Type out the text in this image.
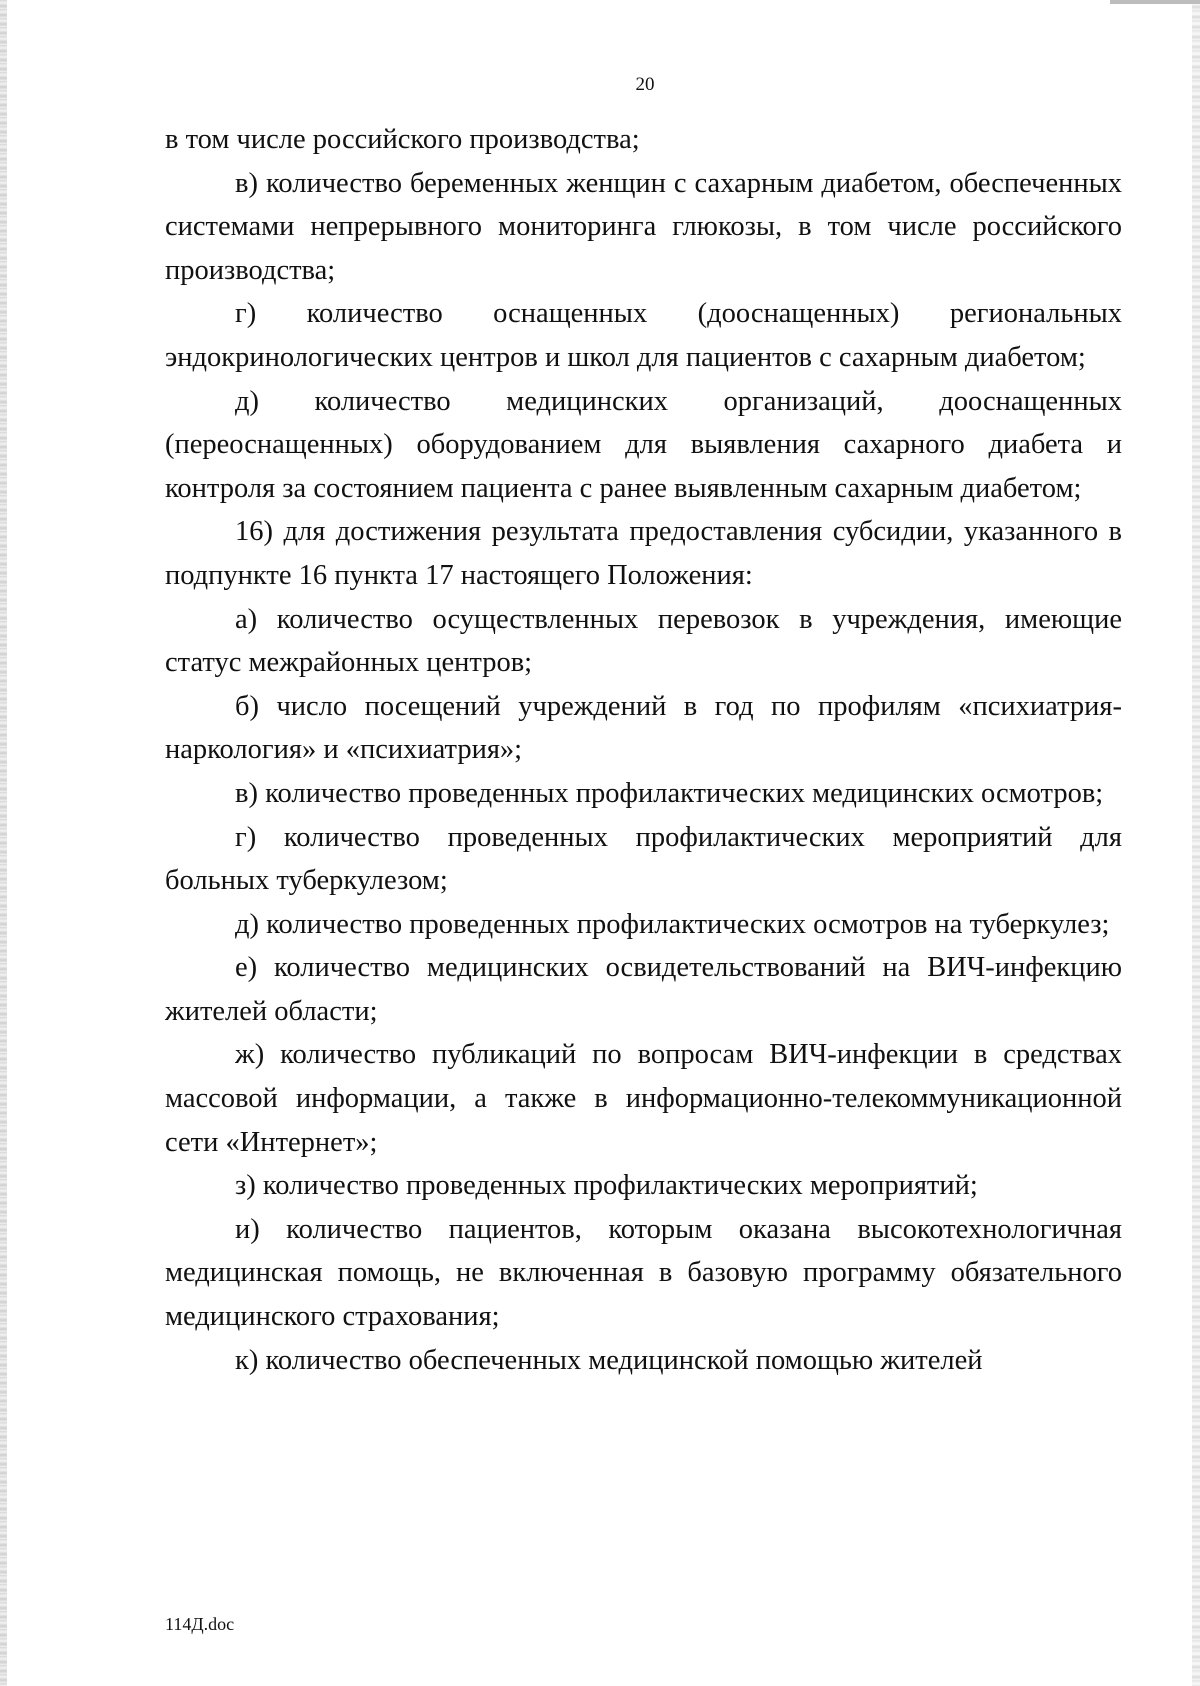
20

в том числе российского производства;

в) количество беременных женщин с сахарным диабетом, обеспеченных системами непрерывного мониторинга глюкозы, в том числе российского производства;

г) количество оснащенных (дооснащенных) региональных эндокринологических центров и школ для пациентов с сахарным диабетом;

д) количество медицинских организаций, дооснащенных (переоснащенных) оборудованием для выявления сахарного диабета и контроля за состоянием пациента с ранее выявленным сахарным диабетом;

16) для достижения результата предоставления субсидии, указанного в подпункте 16 пункта 17 настоящего Положения:

а) количество осуществленных перевозок в учреждения, имеющие статус межрайонных центров;

б) число посещений учреждений в год по профилям «психиатрия-наркология» и «психиатрия»;

в) количество проведенных профилактических медицинских осмотров;

г) количество проведенных профилактических мероприятий для больных туберкулезом;

д) количество проведенных профилактических осмотров на туберкулез;

е) количество медицинских освидетельствований на ВИЧ-инфекцию жителей области;

ж) количество публикаций по вопросам ВИЧ-инфекции в средствах массовой информации, а также в информационно-телекоммуникационной сети «Интернет»;

з) количество проведенных профилактических мероприятий;

и) количество пациентов, которым оказана высокотехнологичная медицинская помощь, не включенная в базовую программу обязательного медицинского страхования;

к) количество обеспеченных медицинской помощью жителей

114Д.doc
